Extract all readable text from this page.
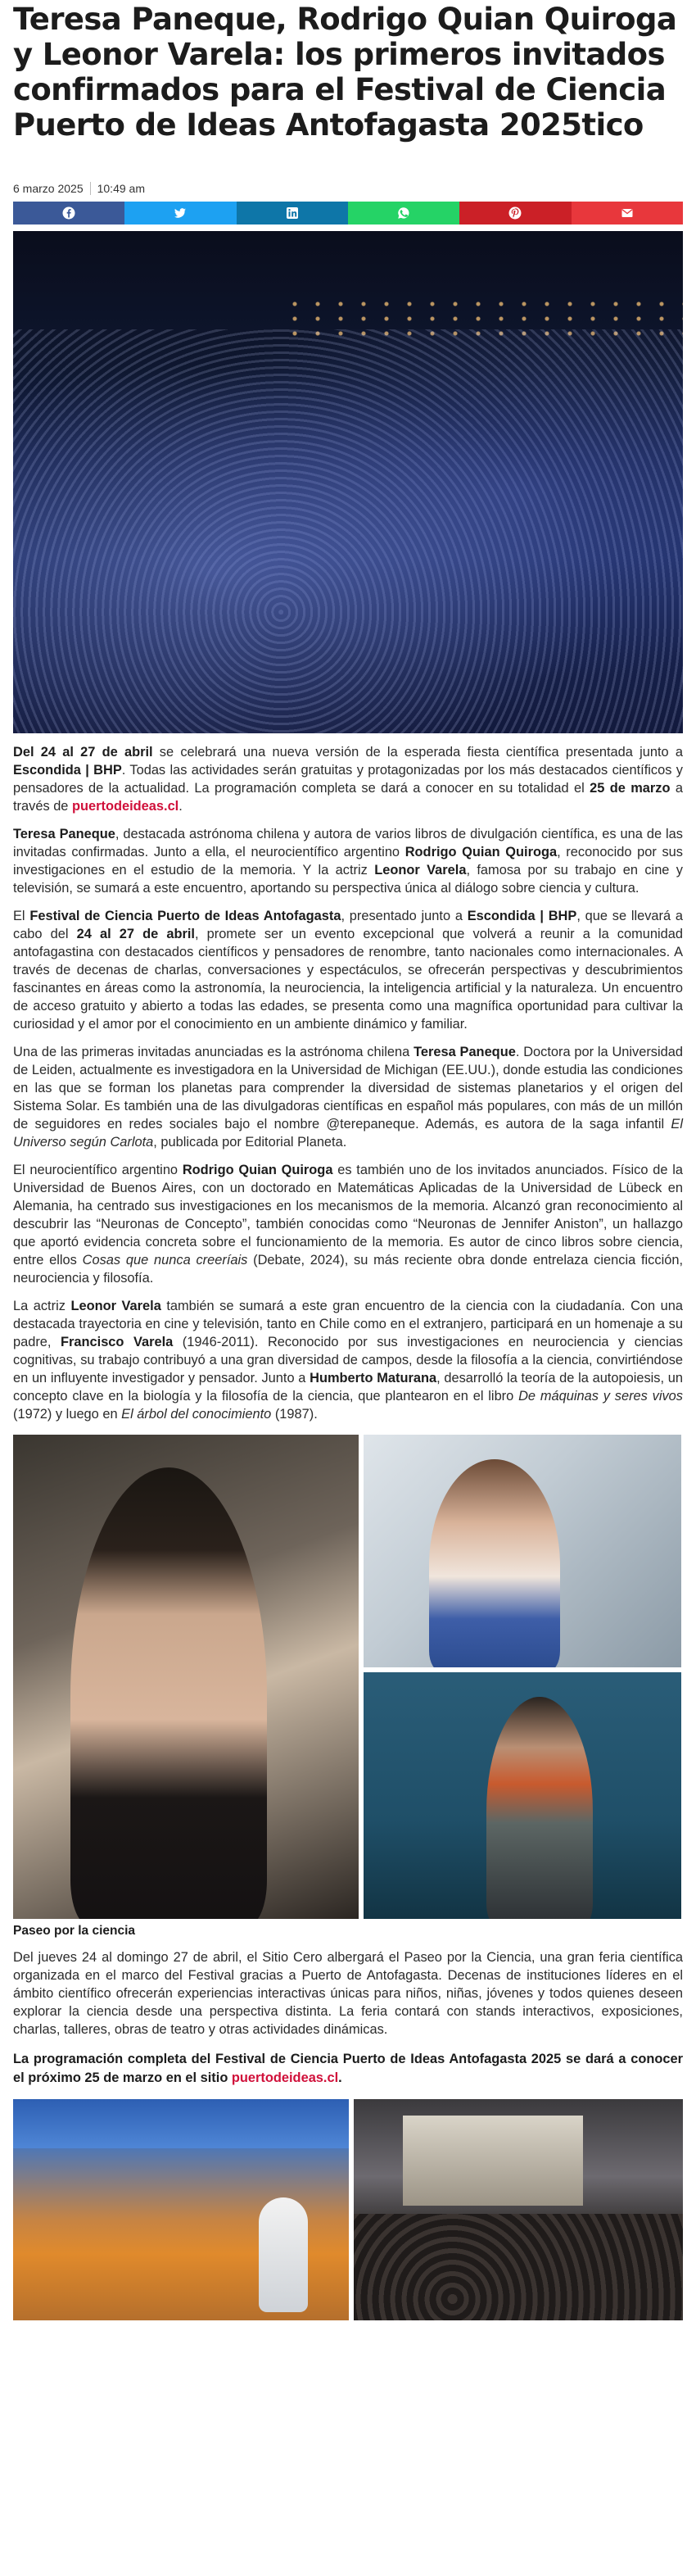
Teresa Paneque, Rodrigo Quian Quiroga y Leonor Varela: los primeros invitados confirmados para el Festival de Ciencia Puerto de Ideas Antofagasta 2025tico
6 marzo 2025 10:49 am

Del 24 al 27 de abril se celebrará una nueva versión de la esperada fiesta científica presentada junto a Escondida | BHP. Todas las actividades serán gratuitas y protagonizadas por los más destacados científicos y pensadores de la actualidad. La programación completa se dará a conocer en su totalidad el 25 de marzo a través de puertodeideas.cl.

Teresa Paneque, destacada astrónoma chilena y autora de varios libros de divulgación científica, es una de las invitadas confirmadas. Junto a ella, el neurocientífico argentino Rodrigo Quian Quiroga, reconocido por sus investigaciones en el estudio de la memoria. Y la actriz Leonor Varela, famosa por su trabajo en cine y televisión, se sumará a este encuentro, aportando su perspectiva única al diálogo sobre ciencia y cultura.

El Festival de Ciencia Puerto de Ideas Antofagasta, presentado junto a Escondida | BHP, que se llevará a cabo del 24 al 27 de abril, promete ser un evento excepcional que volverá a reunir a la comunidad antofagastina con destacados científicos y pensadores de renombre, tanto nacionales como internacionales. A través de decenas de charlas, conversaciones y espectáculos, se ofrecerán perspectivas y descubrimientos fascinantes en áreas como la astronomía, la neurociencia, la inteligencia artificial y la naturaleza. Un encuentro de acceso gratuito y abierto a todas las edades, se presenta como una magnífica oportunidad para cultivar la curiosidad y el amor por el conocimiento en un ambiente dinámico y familiar.

Una de las primeras invitadas anunciadas es la astrónoma chilena Teresa Paneque. Doctora por la Universidad de Leiden, actualmente es investigadora en la Universidad de Michigan (EE.UU.), donde estudia las condiciones en las que se forman los planetas para comprender la diversidad de sistemas planetarios y el origen del Sistema Solar. Es también una de las divulgadoras científicas en español más populares, con más de un millón de seguidores en redes sociales bajo el nombre @terepaneque. Además, es autora de la saga infantil El Universo según Carlota, publicada por Editorial Planeta.

El neurocientífico argentino Rodrigo Quian Quiroga es también uno de los invitados anunciados. Físico de la Universidad de Buenos Aires, con un doctorado en Matemáticas Aplicadas de la Universidad de Lübeck en Alemania, ha centrado sus investigaciones en los mecanismos de la memoria. Alcanzó gran reconocimiento al descubrir las “Neuronas de Concepto”, también conocidas como “Neuronas de Jennifer Aniston”, un hallazgo que aportó evidencia concreta sobre el funcionamiento de la memoria. Es autor de cinco libros sobre ciencia, entre ellos Cosas que nunca creeríais (Debate, 2024), su más reciente obra donde entrelaza ciencia ficción, neurociencia y filosofía.

La actriz Leonor Varela también se sumará a este gran encuentro de la ciencia con la ciudadanía. Con una destacada trayectoria en cine y televisión, tanto en Chile como en el extranjero, participará en un homenaje a su padre, Francisco Varela (1946-2011). Reconocido por sus investigaciones en neurociencia y ciencias cognitivas, su trabajo contribuyó a una gran diversidad de campos, desde la filosofía a la ciencia, convirtiéndose en un influyente investigador y pensador. Junto a Humberto Maturana, desarrolló la teoría de la autopoiesis, un concepto clave en la biología y la filosofía de la ciencia, que plantearon en el libro De máquinas y seres vivos (1972) y luego en El árbol del conocimiento (1987).

Paseo por la ciencia

Del jueves 24 al domingo 27 de abril, el Sitio Cero albergará el Paseo por la Ciencia, una gran feria científica organizada en el marco del Festival gracias a Puerto de Antofagasta. Decenas de instituciones líderes en el ámbito científico ofrecerán experiencias interactivas únicas para niños, niñas, jóvenes y todos quienes deseen explorar la ciencia desde una perspectiva distinta. La feria contará con stands interactivos, exposiciones, charlas, talleres, obras de teatro y otras actividades dinámicas.

La programación completa del Festival de Ciencia Puerto de Ideas Antofagasta 2025 se dará a conocer el próximo 25 de marzo en el sitio puertodeideas.cl.
